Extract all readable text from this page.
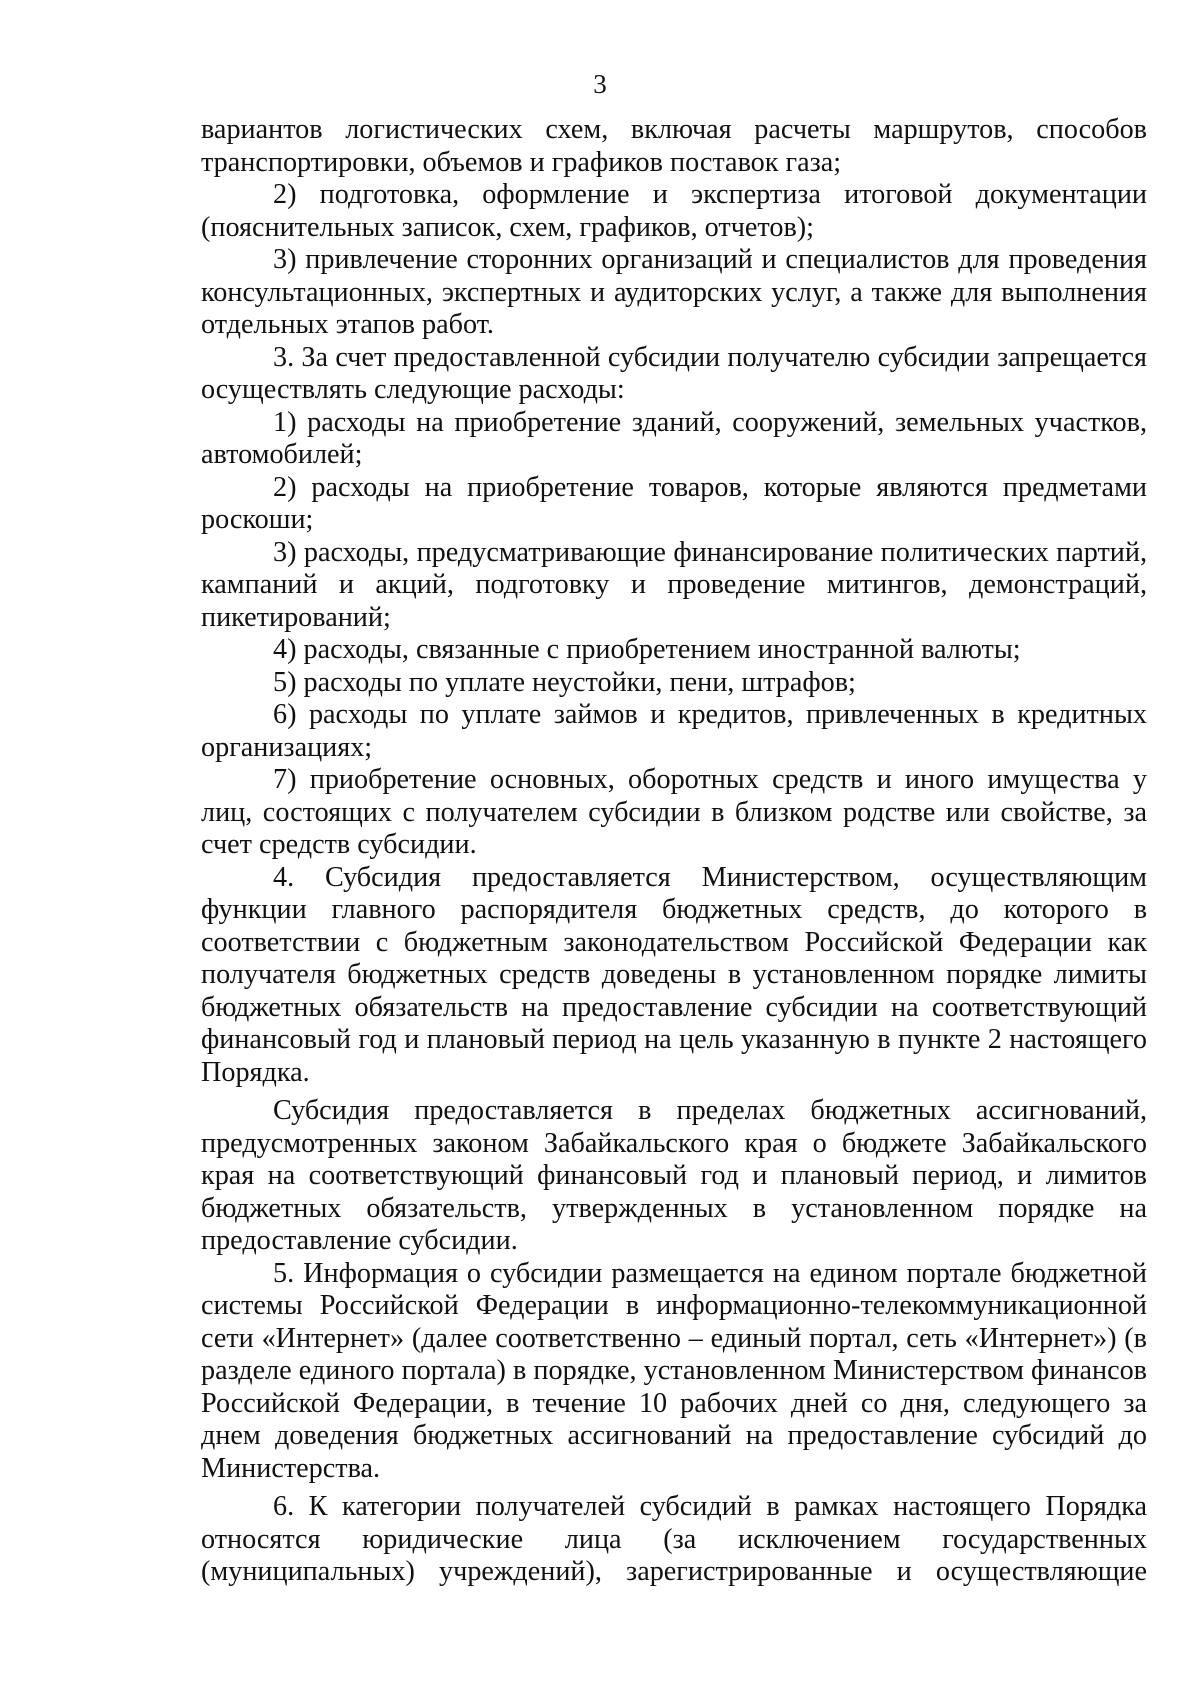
3

вариантов логистических схем, включая расчеты маршрутов, способов транспортировки, объемов и графиков поставок газа;

2) подготовка, оформление и экспертиза итоговой документации (пояснительных записок, схем, графиков, отчетов);

3) привлечение сторонних организаций и специалистов для проведения консультационных, экспертных и аудиторских услуг, а также для выполнения отдельных этапов работ.

3. За счет предоставленной субсидии получателю субсидии запрещается осуществлять следующие расходы:

1) расходы на приобретение зданий, сооружений, земельных участков, автомобилей;

2) расходы на приобретение товаров, которые являются предметами роскоши;

3) расходы, предусматривающие финансирование политических партий, кампаний и акций, подготовку и проведение митингов, демонстраций, пикетирований;

4) расходы, связанные с приобретением иностранной валюты;

5) расходы по уплате неустойки, пени, штрафов;

6) расходы по уплате займов и кредитов, привлеченных в кредитных организациях;

7) приобретение основных, оборотных средств и иного имущества у лиц, состоящих с получателем субсидии в близком родстве или свойстве, за счет средств субсидии.

4. Субсидия предоставляется Министерством, осуществляющим функции главного распорядителя бюджетных средств, до которого в соответствии с бюджетным законодательством Российской Федерации как получателя бюджетных средств доведены в установленном порядке лимиты бюджетных обязательств на предоставление субсидии на соответствующий финансовый год и плановый период на цель указанную в пункте 2 настоящего Порядка.

Субсидия предоставляется в пределах бюджетных ассигнований, предусмотренных законом Забайкальского края о бюджете Забайкальского края на соответствующий финансовый год и плановый период, и лимитов бюджетных обязательств, утвержденных в установленном порядке на предоставление субсидии.

5. Информация о субсидии размещается на едином портале бюджетной системы Российской Федерации в информационно-телекоммуникационной сети «Интернет» (далее соответственно – единый портал, сеть «Интернет») (в разделе единого портала) в порядке, установленном Министерством финансов Российской Федерации, в течение 10 рабочих дней со дня, следующего за днем доведения бюджетных ассигнований на предоставление субсидий до Министерства.

6. К категории получателей субсидий в рамках настоящего Порядка относятся юридические лица (за исключением государственных (муниципальных) учреждений), зарегистрированные и осуществляющие
